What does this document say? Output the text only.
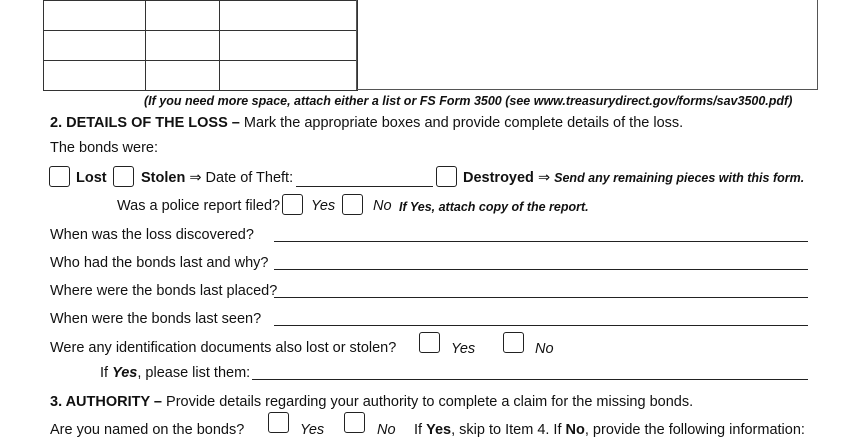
(If you need more space, attach either a list or FS Form 3500 (see www.treasurydirect.gov/forms/sav3500.pdf)
2. DETAILS OF THE LOSS – Mark the appropriate boxes and provide complete details of the loss.
The bonds were:
Lost Stolen ⇒ Date of Theft:	Destroyed ⇒ Send any remaining pieces with this form.
Was a police report filed? Yes	No If Yes, attach copy of the report.
When was the loss discovered?
Who had the bonds last and why?
Where were the bonds last placed?
When were the bonds last seen?
Were any identification documents also lost or stolen?	Yes	No
If Yes, please list them:
3. AUTHORITY – Provide details regarding your authority to complete a claim for the missing bonds.
Are you named on the bonds?	Yes	No If Yes, skip to Item 4. If No, provide the following information:
